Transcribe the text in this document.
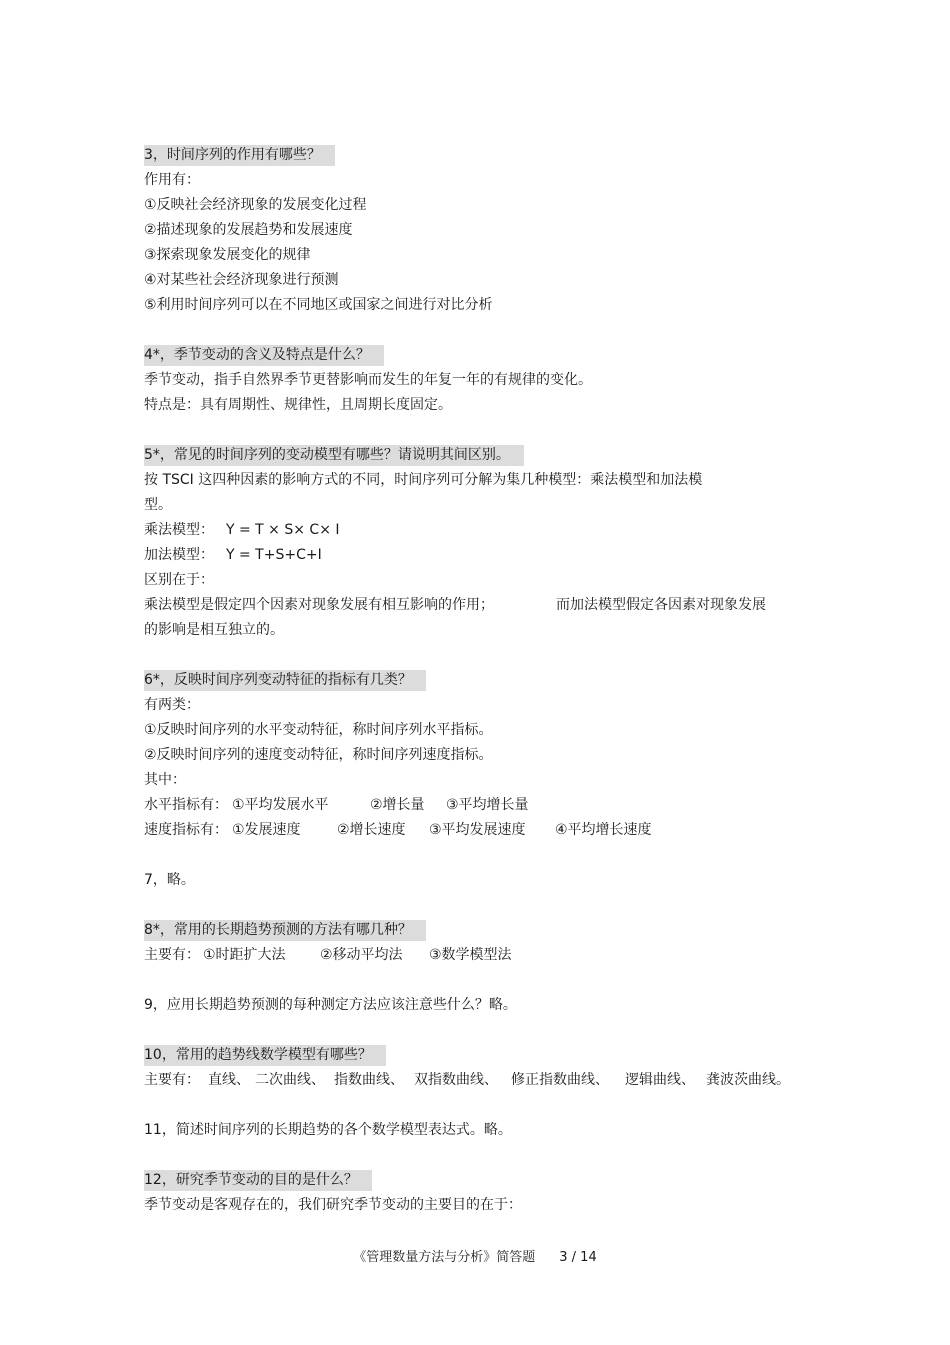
3，时间序列的作用有哪些？
作用有：
①反映社会经济现象的发展变化过程
②描述现象的发展趋势和发展速度
③探索现象发展变化的规律
④对某些社会经济现象进行预测
⑤利用时间序列可以在不同地区或国家之间进行对比分析
4*，季节变动的含义及特点是什么？
季节变动，指手自然界季节更替影响而发生的年复一年的有规律的变化。
特点是：具有周期性、规律性，且周期长度固定。
5*，常见的时间序列的变动模型有哪些？请说明其间区别。
按 TSCI 这四种因素的影响方式的不同，时间序列可分解为集几种模型：乘法模型和加法模
型。
乘法模型： Y = T × S× C× I
加法模型： Y = T+S+C+I
区别在于：
乘法模型是假定四个因素对现象发展有相互影响的作用；	而加法模型假定各因素对现象发展
的影响是相互独立的。
6*，反映时间序列变动特征的指标有几类？
有两类：
①反映时间序列的水平变动特征，称时间序列水平指标。
②反映时间序列的速度变动特征，称时间序列速度指标。
其中：
水平指标有： ①平均发展水平	②增长量 ③平均增长量
速度指标有： ①发展速度	②增长速度 ③平均发展速度 ④平均增长速度
7，略。
8*，常用的长期趋势预测的方法有哪几种？
主要有： ①时距扩大法 ②移动平均法 ③数学模型法
9，应用长期趋势预测的每种测定方法应该注意些什么？略。
10，常用的趋势线数学模型有哪些？
主要有： 直线、 二次曲线、 指数曲线、 双指数曲线、 修正指数曲线、 逻辑曲线、 龚波茨曲线。
11，简述时间序列的长期趋势的各个数学模型表达式。略。
12，研究季节变动的目的是什么？
季节变动是客观存在的，我们研究季节变动的主要目的在于：
《管理数量方法与分析》简答题 3 / 14
